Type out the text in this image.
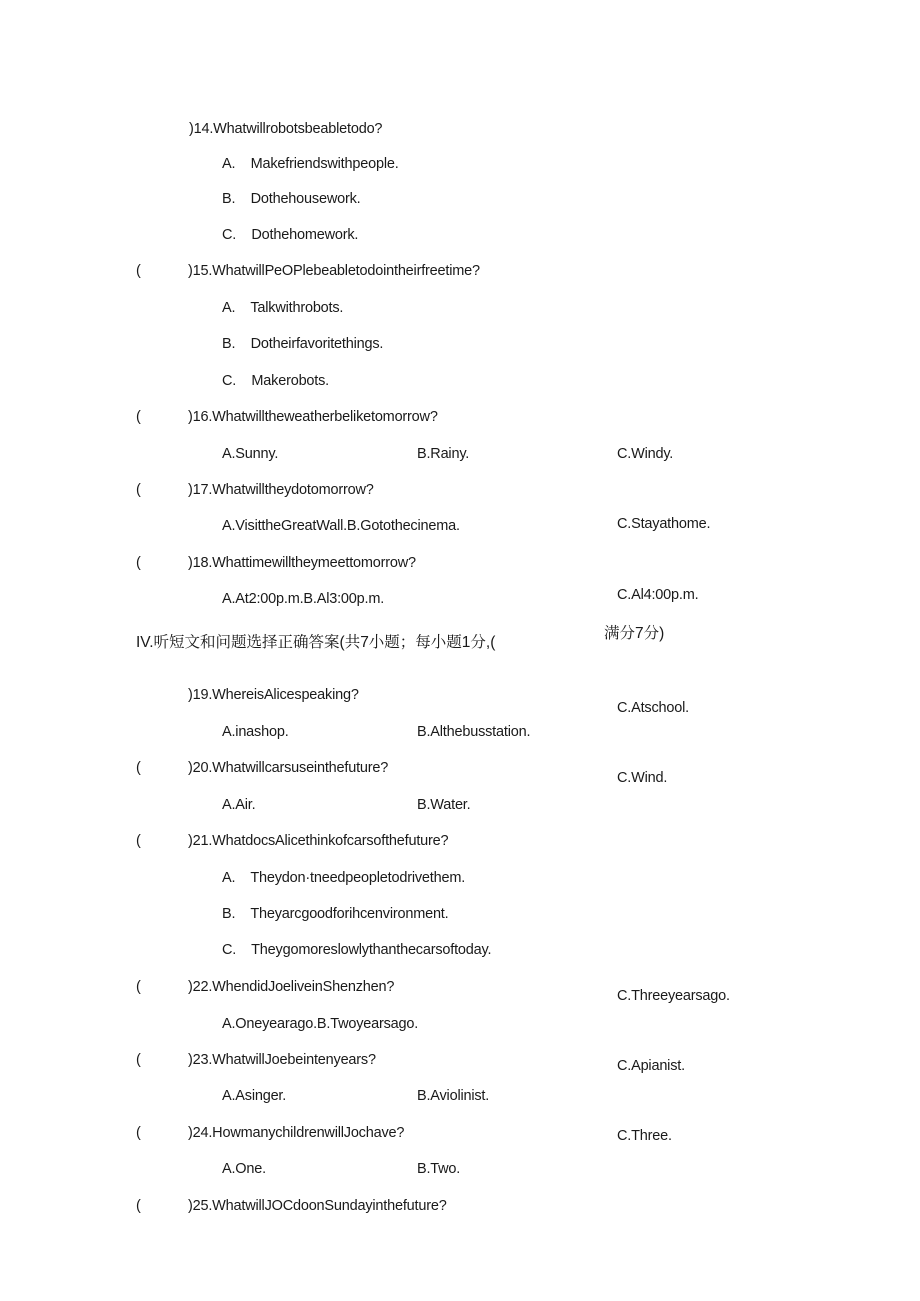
)14.Whatwillrobotsbeabletodo?
A.    Makefriendswithpeople.
B.    Dothehousework.
C.    Dothehomework.
(	)15.WhatwillPeOPlebeabletodointheirfreetime?
A.    Talkwithrobots.
B.    Dotheirfavoritethings.
C.    Makerobots.
(	)16.Whatwilltheweatherbeliketomorrow?
A.Sunny.	B.Rainy.	C.Windy.
(	)17.Whatwilltheydotomorrow?
A.VisittheGreatWall.B.Gotothecinema.	C.Stayathome.
(	)18.Whattimewilltheymeettomorrow?
A.At2:00p.m.B.Al3:00p.m.	C.Al4:00p.m.
IV.听短文和问题选择正确答案(共7小题；每小题1分,(
满分7分)
)19.WhereisAlicespeaking?
C.Atschool.
A.inashop.	B.Althebusstation.
(	)20.Whatwillcarsuseinthefuture?
C.Wind.
A.Air.	B.Water.
(	)21.WhatdocsAlicethinkofcarsofthefuture?
A.    Theydon·tneedpeopletodrivethem.
B.    Theyarcgoodforihcenvironment.
C.    Theygomoreslowlythanthecarsoftoday.
(	)22.WhendidJoeliveinShenzhen?
C.Threeyearsago.
A.Oneyearago.B.Twoyearsago.
(	)23.WhatwillJoebeintenyears?	C.Apianist.
A.Asinger.	B.Aviolinist.
(	)24.HowmanychildrenwillJochave?	C.Three.
A.One.	B.Two.
(	)25.WhatwillJOCdoonSundayinthefuture?
